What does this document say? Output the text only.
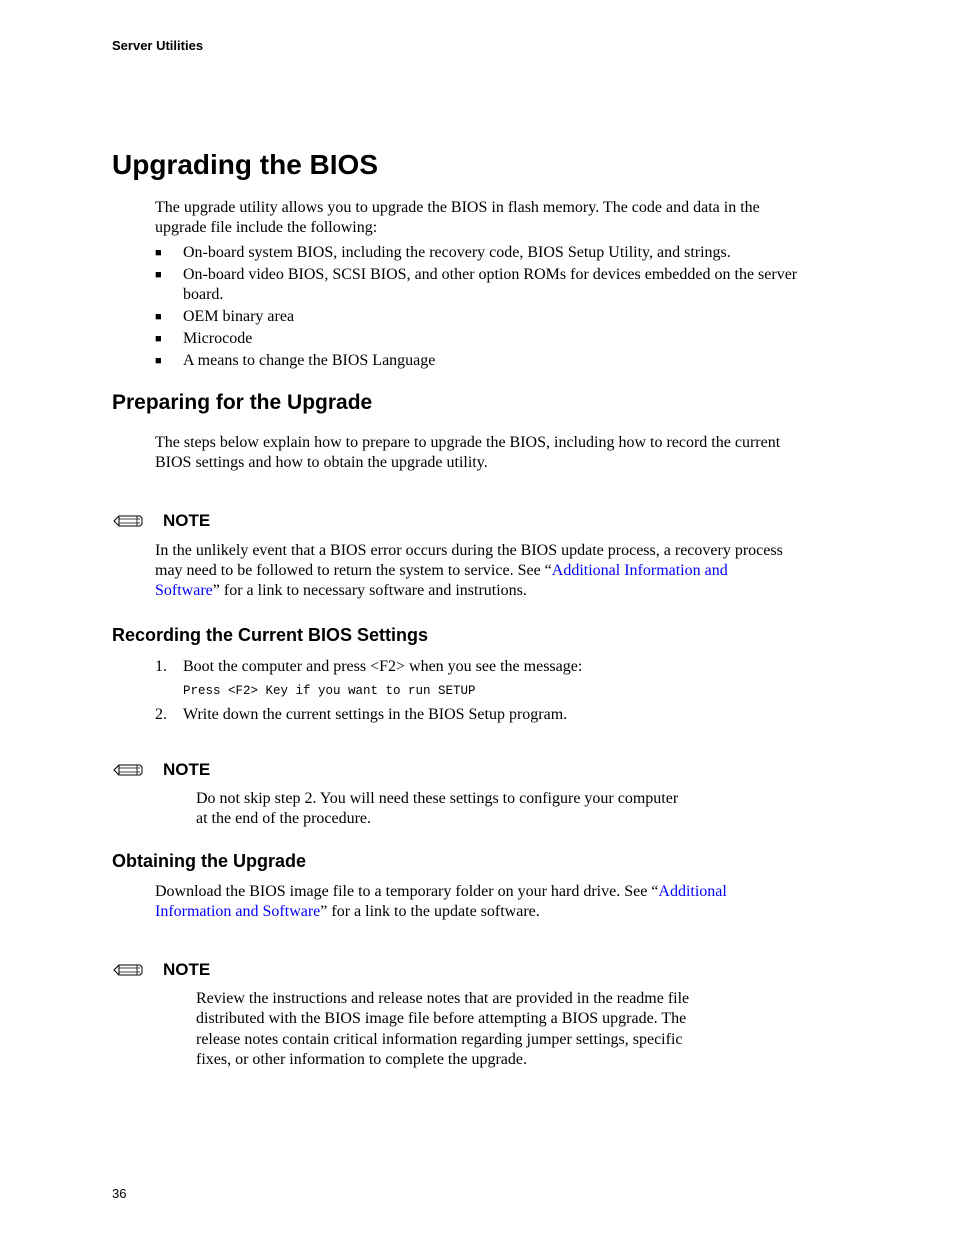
Server Utilities
36
Upgrading the BIOS

The upgrade utility allows you to upgrade the BIOS in flash memory. The code and data in the

upgrade file include the following:

■ On-board system BIOS, including the recovery code, BIOS Setup Utility, and strings.
■ On-board video BIOS, SCSI BIOS, and other option ROMs for devices embedded on the server
board.
■ OEM binary area
■ Microcode
■ A means to change the BIOS Language
Preparing for the Upgrade

The steps below explain how to prepare to upgrade the BIOS, including how to record the current

BIOS settings and how to obtain the upgrade utility.

NOTE

In the unlikely event that a BIOS error occurs during the BIOS update process, a recovery process

may need to be followed to return the system to service. See “Additional Information and

Software” for a link to necessary software and instrutions.

Recording the Current BIOS Settings
1. Boot the computer and press <F2> when you see the message:
Press <F2> Key if you want to run SETUP
2. Write down the current settings in the BIOS Setup program.
NOTE

Do not skip step 2. You will need these settings to configure your computer

at the end of the procedure.

Obtaining the Upgrade

Download the BIOS image file to a temporary folder on your hard drive. See “Additional

Information and Software” for a link to the update software.

NOTE

Review the instructions and release notes that are provided in the readme file

distributed with the BIOS image file before attempting a BIOS upgrade. The

release notes contain critical information regarding jumper settings, specific

fixes, or other information to complete the upgrade.
